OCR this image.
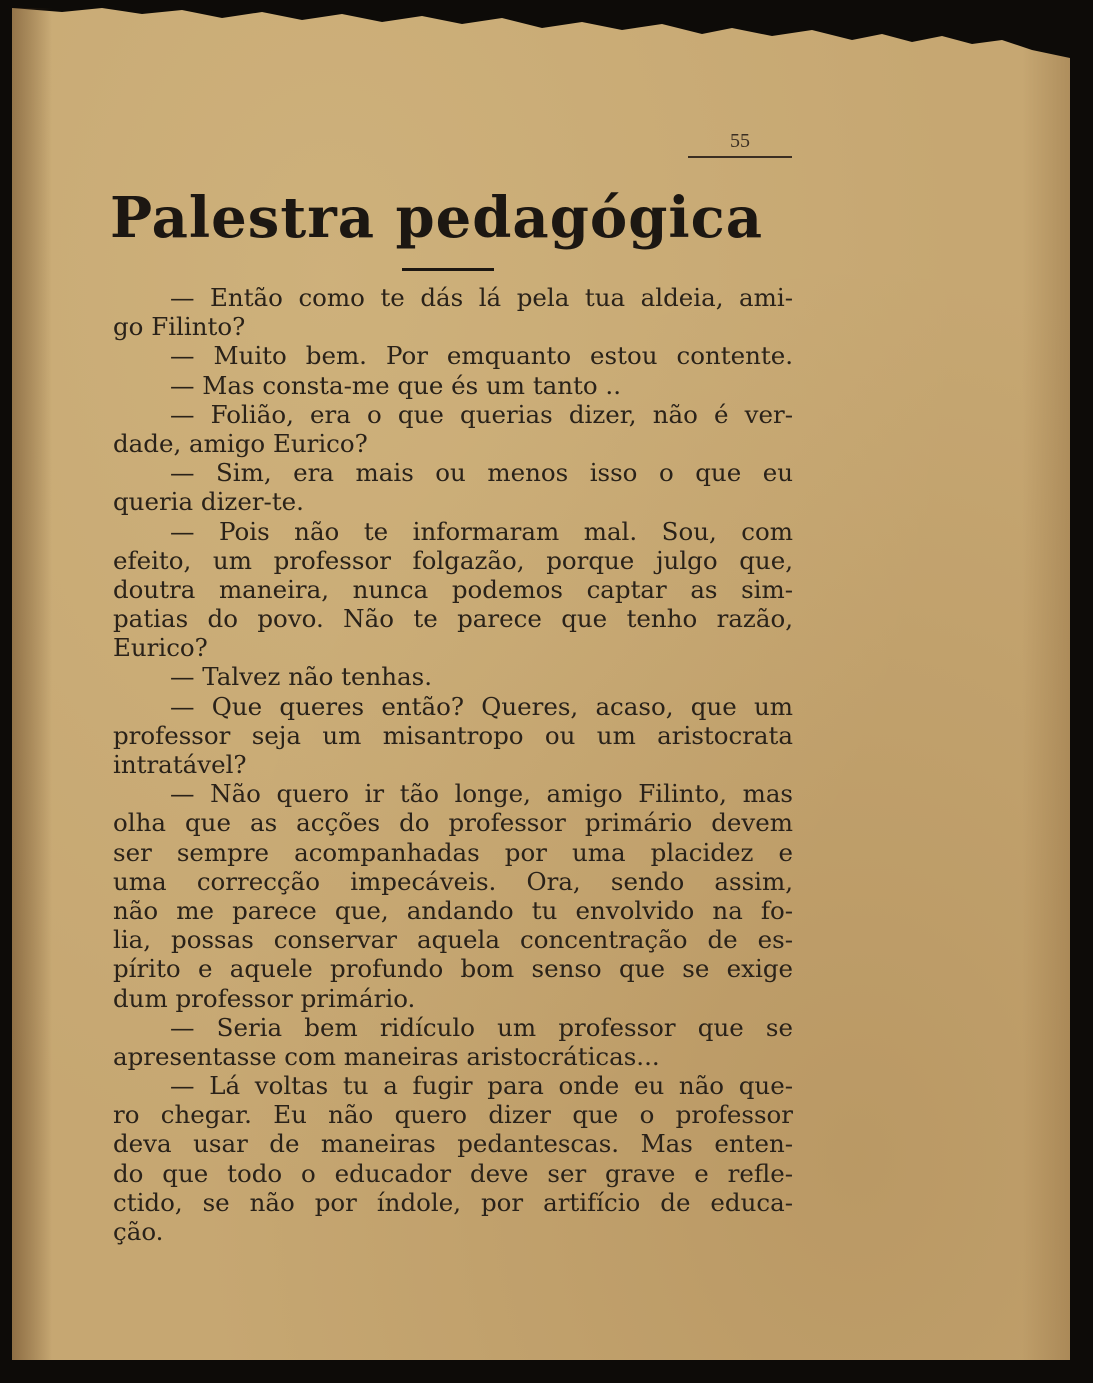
55
Palestra pedagógica
— Então como te dás lá pela tua aldeia, ami-
go Filinto?
— Muito bem. Por emquanto estou contente.
— Mas consta-me que és um tanto ..
— Folião, era o que querias dizer, não é ver-
dade, amigo Eurico?
— Sim, era mais ou menos isso o que eu
queria dizer-te.
— Pois não te informaram mal. Sou, com
efeito, um professor folgazão, porque julgo que,
doutra maneira, nunca podemos captar as sim-
patias do povo. Não te parece que tenho razão,
Eurico?
— Talvez não tenhas.
— Que queres então? Queres, acaso, que um
professor seja um misantropo ou um aristocrata
intratável?
— Não quero ir tão longe, amigo Filinto, mas
olha que as acções do professor primário devem
ser sempre acompanhadas por uma placidez e
uma correcção impecáveis. Ora, sendo assim,
não me parece que, andando tu envolvido na fo-
lia, possas conservar aquela concentração de es-
pírito e aquele profundo bom senso que se exige
dum professor primário.
— Seria bem ridículo um professor que se
apresentasse com maneiras aristocráticas...
— Lá voltas tu a fugir para onde eu não que-
ro chegar. Eu não quero dizer que o professor
deva usar de maneiras pedantescas. Mas enten-
do que todo o educador deve ser grave e refle-
ctido, se não por índole, por artifício de educa-
ção.
